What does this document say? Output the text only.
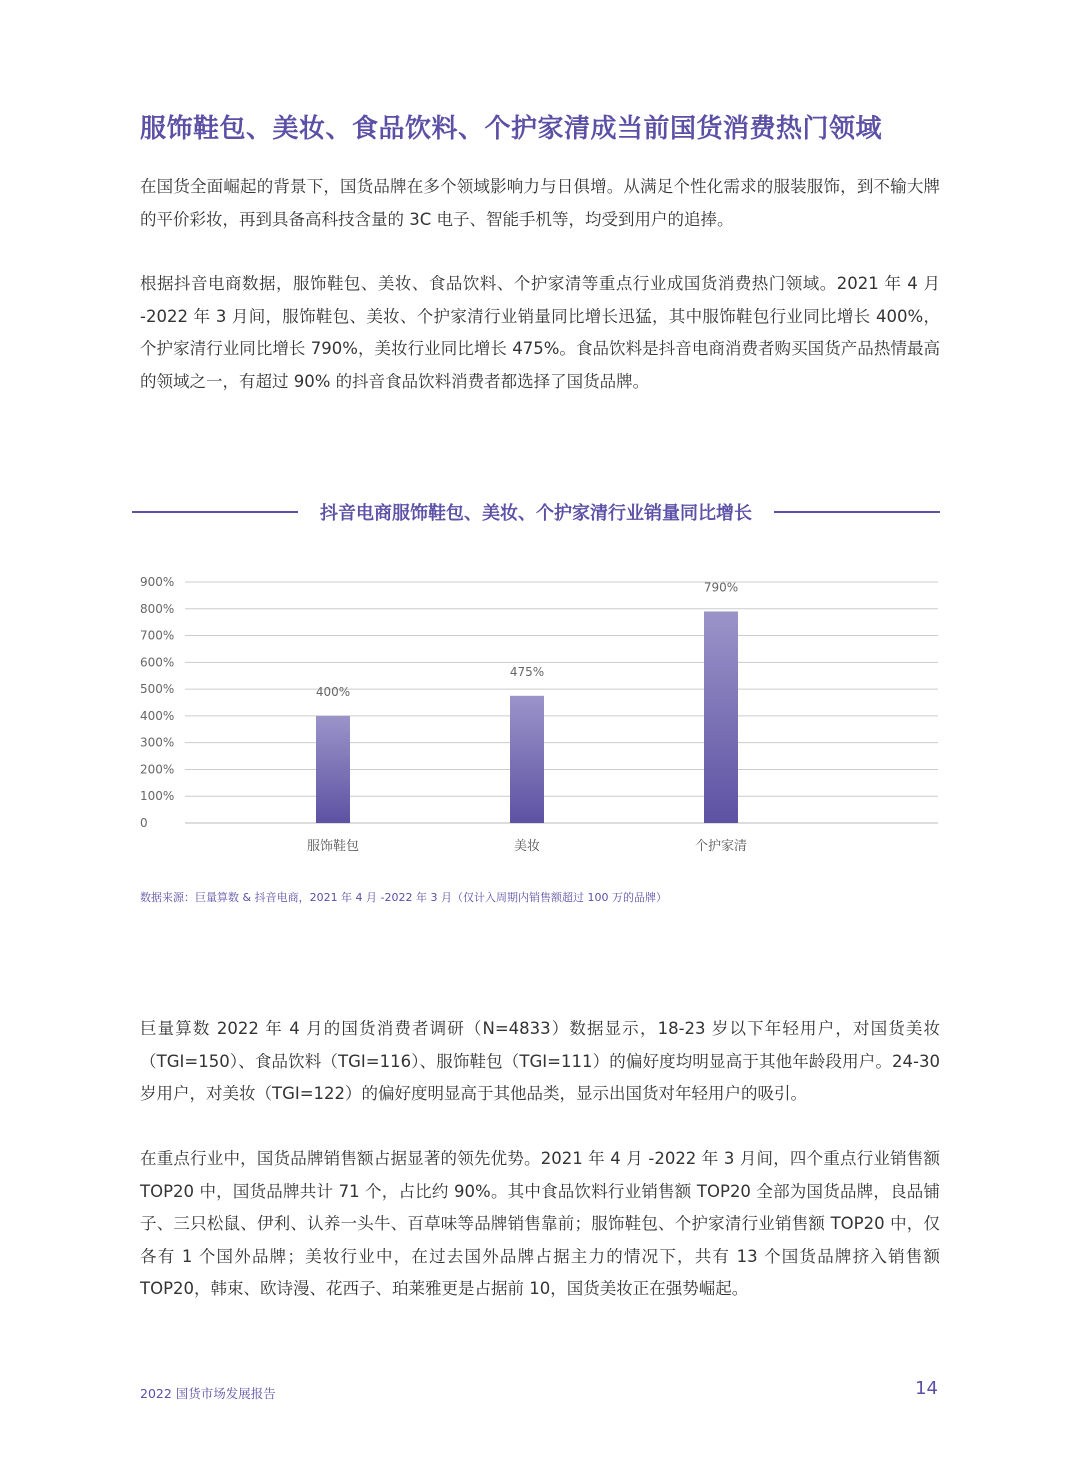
服饰鞋包、美妆、食品饮料、个护家清成当前国货消费热门领域

在国货全面崛起的背景下，国货品牌在多个领域影响力与日俱增。从满足个性化需求的服装服饰，到不输大牌的平价彩妆，再到具备高科技含量的 3C 电子、智能手机等，均受到用户的追捧。

根据抖音电商数据，服饰鞋包、美妆、食品饮料、个护家清等重点行业成国货消费热门领域。2021 年 4 月 -2022 年 3 月间，服饰鞋包、美妆、个护家清行业销量同比增长迅猛，其中服饰鞋包行业同比增长 400%，个护家清行业同比增长 790%，美妆行业同比增长 475%。食品饮料是抖音电商消费者购买国货产品热情最高的领域之一，有超过 90% 的抖音食品饮料消费者都选择了国货品牌。

抖音电商服饰鞋包、美妆、个护家清行业销量同比增长
0
100%
200%
300%
400%
500%
600%
700%
800%
900%
400%
服饰鞋包
475%
美妆
790%
个护家清

数据来源：巨量算数 & 抖音电商，2021 年 4 月 -2022 年 3 月（仅计入周期内销售额超过 100 万的品牌）

巨量算数 2022 年 4 月的国货消费者调研（N=4833）数据显示，18-23 岁以下年轻用户，对国货美妆（TGI=150）、食品饮料（TGI=116）、服饰鞋包（TGI=111）的偏好度均明显高于其他年龄段用户。24-30 岁用户，对美妆（TGI=122）的偏好度明显高于其他品类，显示出国货对年轻用户的吸引。

在重点行业中，国货品牌销售额占据显著的领先优势。2021 年 4 月 -2022 年 3 月间，四个重点行业销售额 TOP20 中，国货品牌共计 71 个，占比约 90%。其中食品饮料行业销售额 TOP20 全部为国货品牌，良品铺子、三只松鼠、伊利、认养一头牛、百草味等品牌销售靠前；服饰鞋包、个护家清行业销售额 TOP20 中，仅各有 1 个国外品牌；美妆行业中，在过去国外品牌占据主力的情况下，共有 13 个国货品牌挤入销售额 TOP20，韩束、欧诗漫、花西子、珀莱雅更是占据前 10，国货美妆正在强势崛起。

2022 国货市场发展报告	14
